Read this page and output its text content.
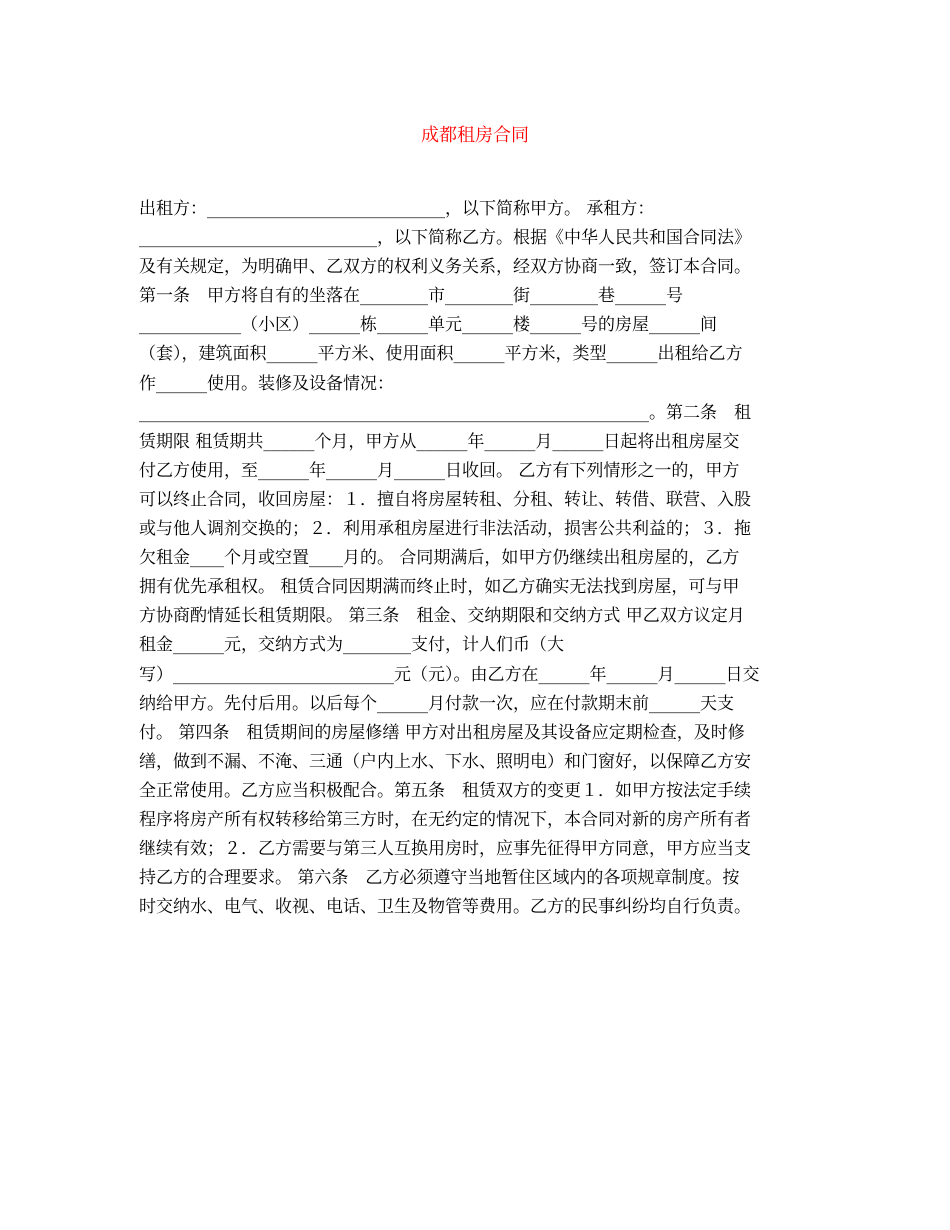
成都租房合同
出租方：____________________________，以下简称甲方。 承租方：
____________________________，以下简称乙方。根据《中华人民共和国合同法》
及有关规定，为明确甲、乙双方的权利义务关系，经双方协商一致，签订本合同。
第一条　甲方将自有的坐落在________市________街________巷______号
____________（小区）______栋______单元______楼______号的房屋______间
（套），建筑面积______平方米、使用面积______平方米，类型______出租给乙方
作______使用。装修及设备情况：
____________________________________________________________。第二条　租
赁期限 租赁期共______个月，甲方从______年______月______日起将出租房屋交
付乙方使用，至______年______月______日收回。 乙方有下列情形之一的，甲方
可以终止合同，收回房屋：１．擅自将房屋转租、分租、转让、转借、联营、入股
或与他人调剂交换的；２．利用承租房屋进行非法活动，损害公共利益的；３．拖
欠租金____个月或空置____月的。 合同期满后，如甲方仍继续出租房屋的，乙方
拥有优先承租权。 租赁合同因期满而终止时，如乙方确实无法找到房屋，可与甲
方协商酌情延长租赁期限。 第三条　租金、交纳期限和交纳方式 甲乙双方议定月
租金______元，交纳方式为________支付，计人们币（大
写）__________________________元（元）。由乙方在______年______月______日交
纳给甲方。先付后用。以后每个______月付款一次，应在付款期末前______天支
付。 第四条　租赁期间的房屋修缮 甲方对出租房屋及其设备应定期检查，及时修
缮，做到不漏、不淹、三通（户内上水、下水、照明电）和门窗好，以保障乙方安
全正常使用。乙方应当积极配合。第五条　租赁双方的变更１．如甲方按法定手续
程序将房产所有权转移给第三方时，在无约定的情况下，本合同对新的房产所有者
继续有效；２．乙方需要与第三人互换用房时，应事先征得甲方同意，甲方应当支
持乙方的合理要求。 第六条　乙方必须遵守当地暂住区域内的各项规章制度。按
时交纳水、电气、收视、电话、卫生及物管等费用。乙方的民事纠纷均自行负责。
